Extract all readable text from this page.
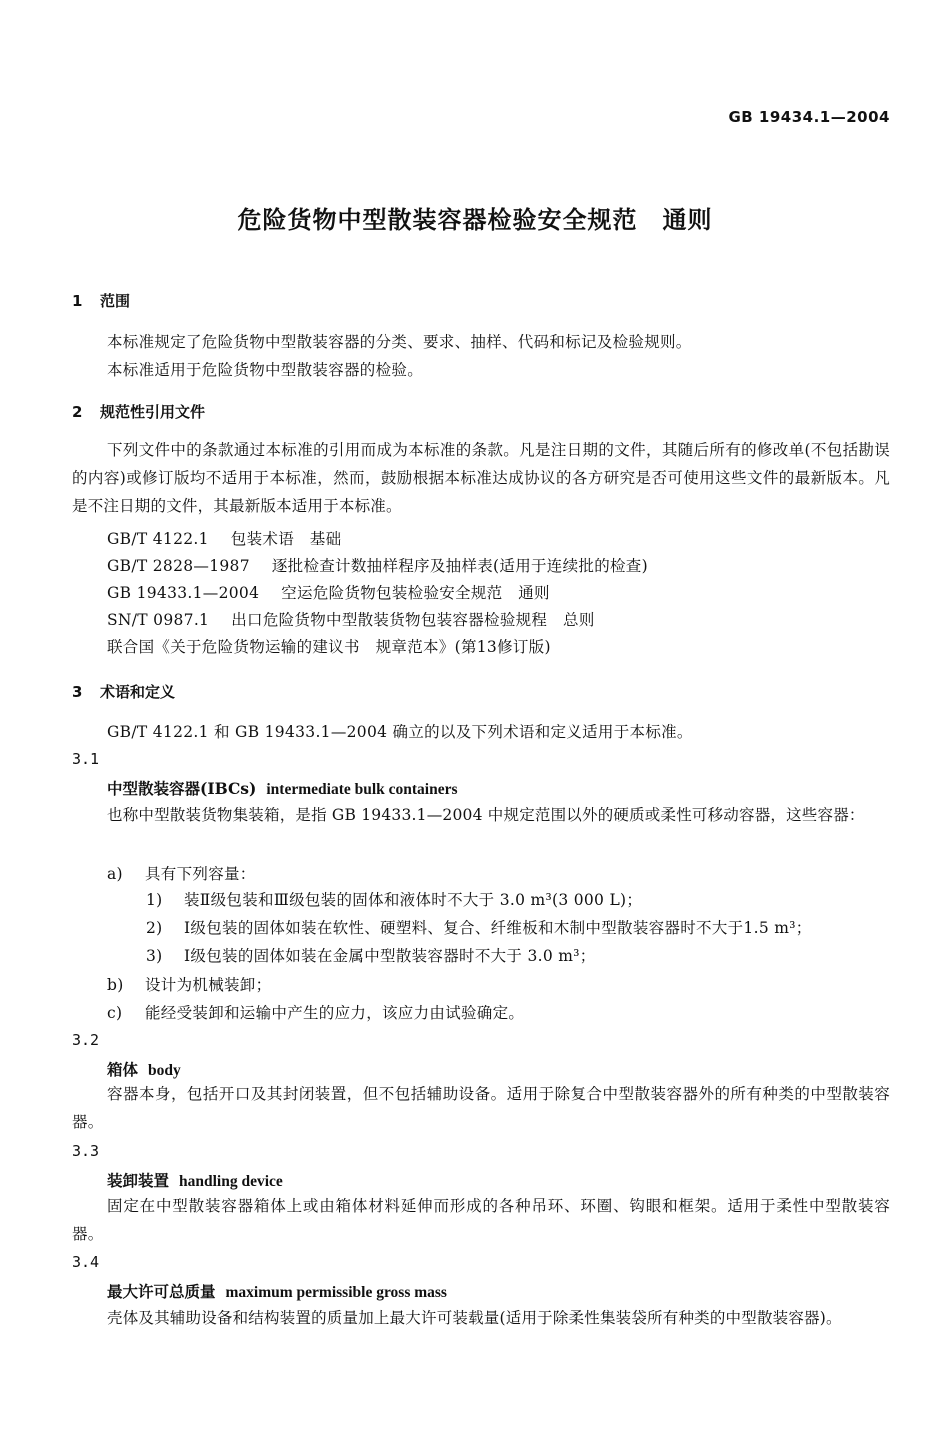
GB 19434.1—2004
危险货物中型散装容器检验安全规范　通则
1 范围
本标准规定了危险货物中型散装容器的分类、要求、抽样、代码和标记及检验规则。
本标准适用于危险货物中型散装容器的检验。
2 规范性引用文件
下列文件中的条款通过本标准的引用而成为本标准的条款。凡是注日期的文件，其随后所有的修改单(不包括勘误的内容)或修订版均不适用于本标准，然而，鼓励根据本标准达成协议的各方研究是否可使用这些文件的最新版本。凡是不注日期的文件，其最新版本适用于本标准。
GB/T 4122.1 包装术语　基础
GB/T 2828—1987 逐批检查计数抽样程序及抽样表(适用于连续批的检查)
GB 19433.1—2004 空运危险货物包装检验安全规范　通则
SN/T 0987.1 出口危险货物中型散装货物包装容器检验规程　总则
联合国《关于危险货物运输的建议书　规章范本》(第13修订版)
3 术语和定义
GB/T 4122.1 和 GB 19433.1—2004 确立的以及下列术语和定义适用于本标准。
3.1
中型散装容器(IBCs) intermediate bulk containers
也称中型散装货物集装箱，是指 GB 19433.1—2004 中规定范围以外的硬质或柔性可移动容器，这些容器：
a) 具有下列容量：
1) 装Ⅱ级包装和Ⅲ级包装的固体和液体时不大于 3.0 m³(3 000 L)；
2) Ⅰ级包装的固体如装在软性、硬塑料、复合、纤维板和木制中型散装容器时不大于1.5 m³；
3) Ⅰ级包装的固体如装在金属中型散装容器时不大于 3.0 m³；
b) 设计为机械装卸；
c) 能经受装卸和运输中产生的应力，该应力由试验确定。
3.2
箱体 body
容器本身，包括开口及其封闭装置，但不包括辅助设备。适用于除复合中型散装容器外的所有种类的中型散装容器。
3.3
装卸装置 handling device
固定在中型散装容器箱体上或由箱体材料延伸而形成的各种吊环、环圈、钩眼和框架。适用于柔性中型散装容器。
3.4
最大许可总质量 maximum permissible gross mass
壳体及其辅助设备和结构装置的质量加上最大许可装载量(适用于除柔性集装袋所有种类的中型散装容器)。
